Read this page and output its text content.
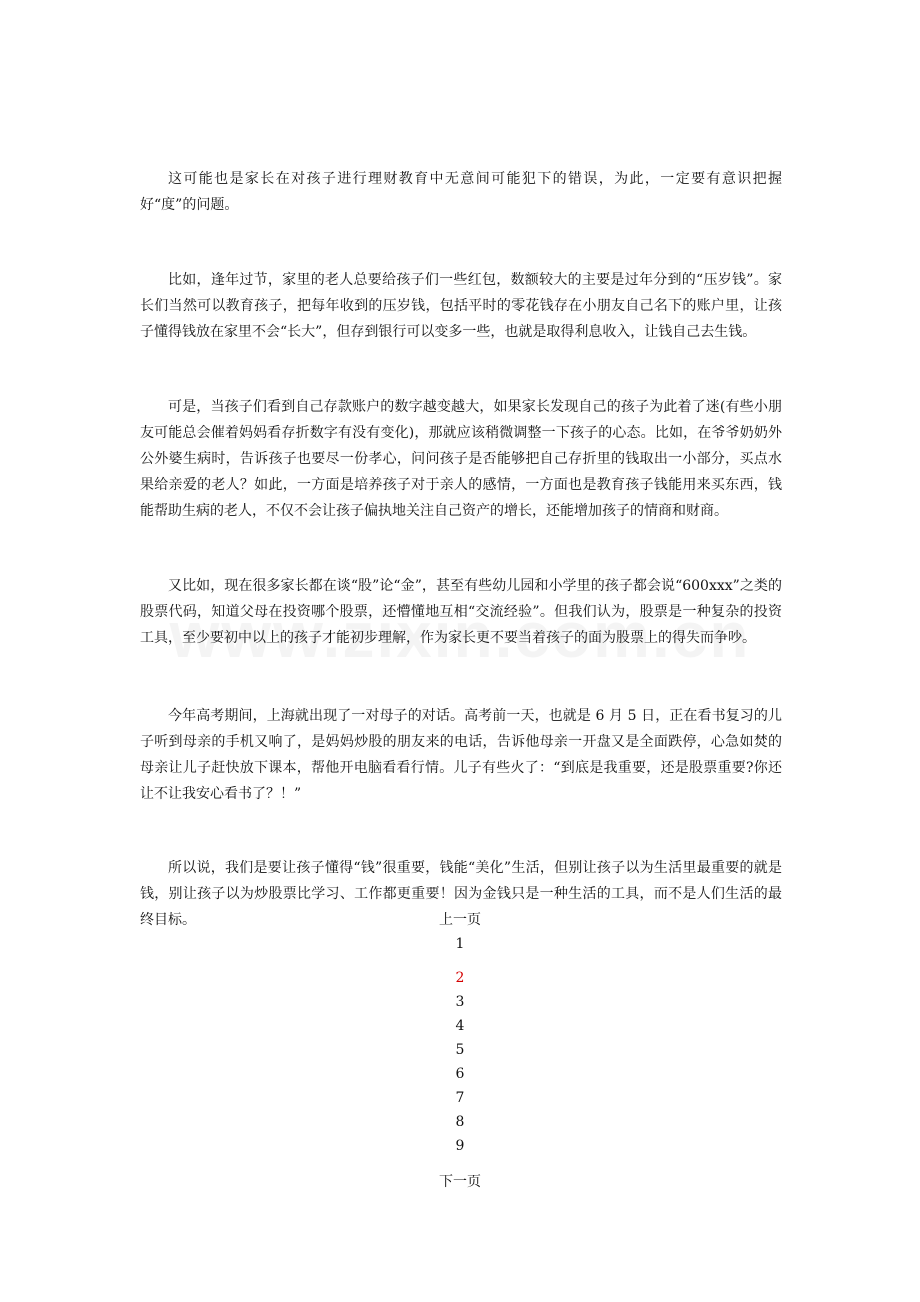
这可能也是家长在对孩子进行理财教育中无意间可能犯下的错误，为此，一定要有意识把握好“度”的问题。

比如，逢年过节，家里的老人总要给孩子们一些红包，数额较大的主要是过年分到的“压岁钱”。家长们当然可以教育孩子，把每年收到的压岁钱，包括平时的零花钱存在小朋友自己名下的账户里，让孩子懂得钱放在家里不会“长大”，但存到银行可以变多一些，也就是取得利息收入，让钱自己去生钱。

可是，当孩子们看到自己存款账户的数字越变越大，如果家长发现自己的孩子为此着了迷(有些小朋友可能总会催着妈妈看存折数字有没有变化)，那就应该稍微调整一下孩子的心态。比如，在爷爷奶奶外公外婆生病时，告诉孩子也要尽一份孝心，问问孩子是否能够把自己存折里的钱取出一小部分，买点水果给亲爱的老人？如此，一方面是培养孩子对于亲人的感情，一方面也是教育孩子钱能用来买东西，钱能帮助生病的老人，不仅不会让孩子偏执地关注自己资产的增长，还能增加孩子的情商和财商。

又比如，现在很多家长都在谈“股”论“金”，甚至有些幼儿园和小学里的孩子都会说“600xxx”之类的股票代码，知道父母在投资哪个股票，还懵懂地互相“交流经验”。但我们认为，股票是一种复杂的投资工具，至少要初中以上的孩子才能初步理解，作为家长更不要当着孩子的面为股票上的得失而争吵。

今年高考期间，上海就出现了一对母子的对话。高考前一天，也就是 6 月 5 日，正在看书复习的儿子听到母亲的手机又响了，是妈妈炒股的朋友来的电话，告诉他母亲一开盘又是全面跌停，心急如焚的母亲让儿子赶快放下课本，帮他开电脑看看行情。儿子有些火了：“到底是我重要，还是股票重要?你还让不让我安心看书了？！”

所以说，我们是要让孩子懂得“钱”很重要，钱能“美化”生活，但别让孩子以为生活里最重要的就是钱，别让孩子以为炒股票比学习、工作都更重要！因为金钱只是一种生活的工具，而不是人们生活的最终目标。	上一页
1
2
3
4
5
6
7
8
9
下一页
